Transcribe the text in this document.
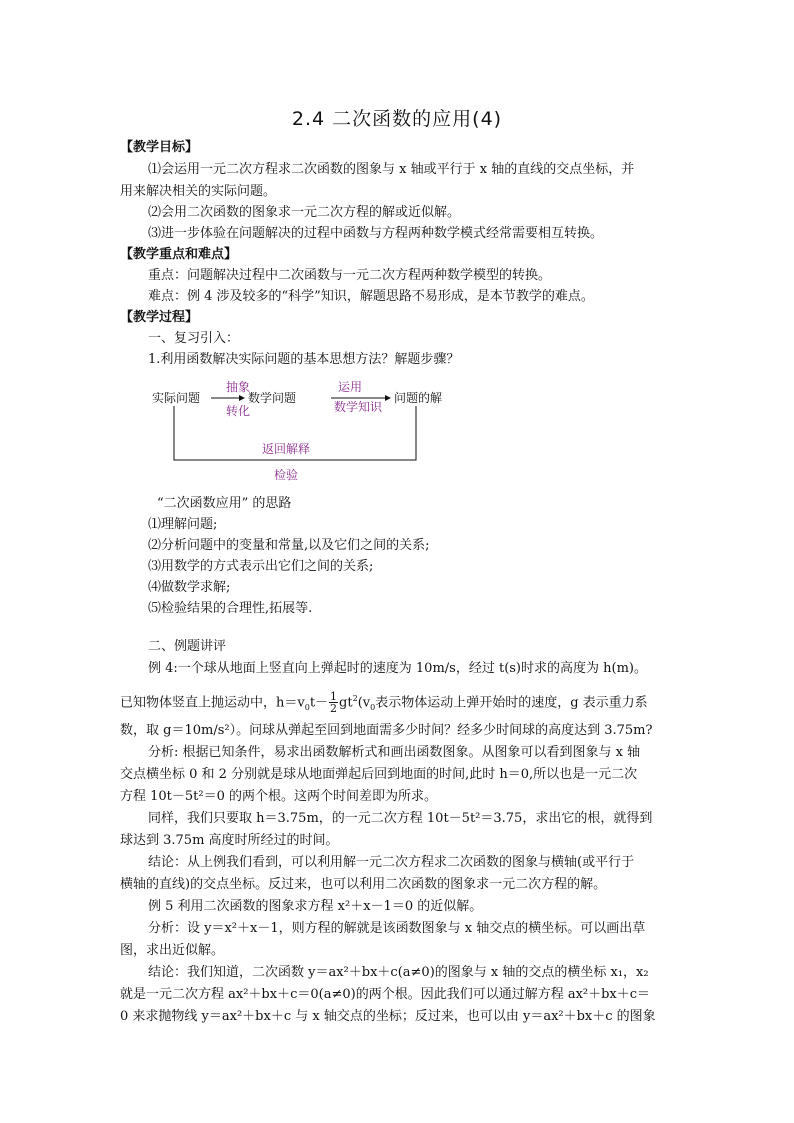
2.4 二次函数的应用(4)
【教学目标】
⑴会运用一元二次方程求二次函数的图象与 x 轴或平行于 x 轴的直线的交点坐标，并
用来解决相关的实际问题。
⑵会用二次函数的图象求一元二次方程的解或近似解。
⑶进一步体验在问题解决的过程中函数与方程两种数学模式经常需要相互转换。
【教学重点和难点】
重点：问题解决过程中二次函数与一元二次方程两种数学模型的转换。
难点：例 4 涉及较多的“科学”知识，解题思路不易形成，是本节教学的难点。
【教学过程】
一、复习引入：
1.利用函数解决实际问题的基本思想方法？解题步骤？
实际问题	数学问题	问题的解
抽象
转化
运用
数学知识
返回解释
检验
“二次函数应用” 的思路
⑴理解问题;
⑵分析问题中的变量和常量,以及它们之间的关系;
⑶用数学的方式表示出它们之间的关系;
⑷做数学求解;
⑸检验结果的合理性,拓展等.
二、例题讲评
例 4:一个球从地面上竖直向上弹起时的速度为 10m/s，经过 t(s)时求的高度为 h(m)。
已知物体竖直上抛运动中，$h=v_0t- \frac{1}{2} gt^2(v_0$表示物体运动上弹开始时的速度，g 表示重力系
数，取 g＝10m/s²）。问球从弹起至回到地面需多少时间？经多少时间球的高度达到 3.75m?
分析: 根据已知条件，易求出函数解析式和画出函数图象。从图象可以看到图象与 x 轴
交点横坐标 0 和 2 分别就是球从地面弹起后回到地面的时间,此时 h＝0,所以也是一元二次
方程 10t－5t²＝0 的两个根。这两个时间差即为所求。
同样，我们只要取 h＝3.75m，的一元二次方程 10t－5t²＝3.75，求出它的根，就得到
球达到 3.75m 高度时所经过的时间。
结论：从上例我们看到，可以利用解一元二次方程求二次函数的图象与横轴(或平行于
横轴的直线)的交点坐标。反过来，也可以利用二次函数的图象求一元二次方程的解。
例 5 利用二次函数的图象求方程 x²＋x－1＝0 的近似解。
分析：设 y＝x²＋x－1，则方程的解就是该函数图象与 x 轴交点的横坐标。可以画出草
图，求出近似解。
结论：我们知道，二次函数 y＝ax²＋bx＋c(a≠0)的图象与 x 轴的交点的横坐标 x₁，x₂
就是一元二次方程 ax²＋bx＋c＝0(a≠0)的两个根。因此我们可以通过解方程 ax²＋bx＋c＝
0 来求抛物线 y＝ax²＋bx＋c 与 x 轴交点的坐标；反过来，也可以由 y＝ax²＋bx＋c 的图象
